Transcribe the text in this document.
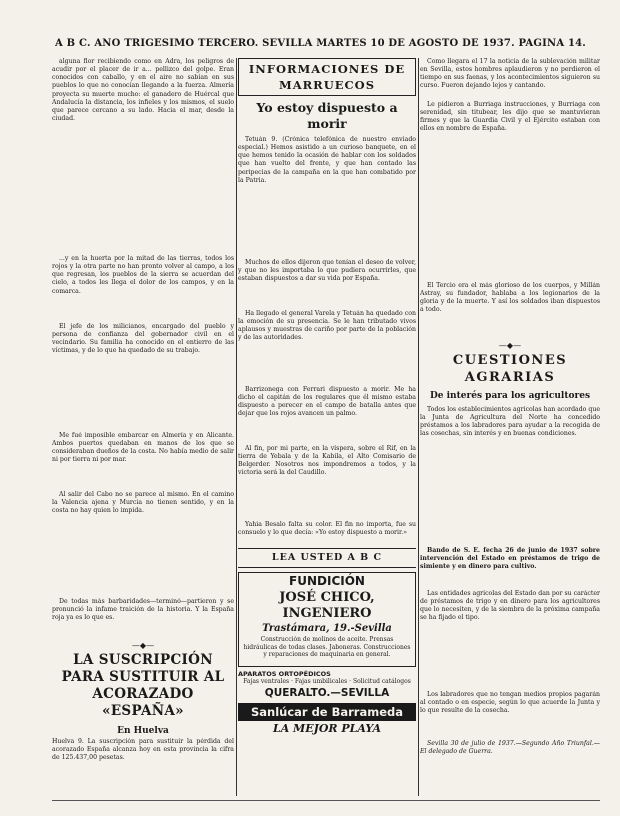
A B C. AÑO TRIGÉSIMO TERCERO. SEVILLA MARTES 10 DE AGOSTO DE 1937. PÁGINA 14.

alguna flor recibiendo como en Adra, los peligros de acudir por el placer de ir a... pellizco del golpe. Eran conocidos con caballo, y en el aire no sabían en sus pueblos lo que no conocían llegando a la fuerza. Almería proyecta su muerte mucho: el ganadero de Huércal que Andalucía la distancia, los infieles y los mismos, el suelo que parece cercano a su lado. Hacia el mar, desde la ciudad.

...y en la huerta por la mitad de las tierras, todos los rojos y la otra parte no han pronto volver al campo, a los que regresan, los pueblos de la sierra se acuerdan del cielo, a todos les llega el dolor de los campos, y en la comarca.

El jefe de los milicianos, encargado del pueblo y persona de confianza del gobernador civil en el vecindario. Su familia ha conocido en el entierro de las víctimas, y de lo que ha quedado de su trabajo.

Me fué imposible embarcar en Almería y en Alicante. Ambos puertos quedaban en manos de los que se consideraban dueños de la costa. No había medio de salir ni por tierra ni por mar.

Al salir del Cabo no se parece al mismo. En el camino la Valencia ajena y Murcia no tienen sentido, y en la costa no hay quien lo impida.

De todas más barbaridades—terminó—partieron y se pronunció la infame traición de la historia. Y la España roja ya es lo que es.

—◆—
LA SUSCRIPCIÓN PARA SUSTITUIR AL ACORAZADO «ESPAÑA»
En Huelva
Huelva 9. La suscripción para sustituir la pérdida del acorazado España alcanza hoy en esta provincia la cifra de 125.437,00 pesetas.
INFORMACIONES DE MARRUECOS
Yo estoy dispuesto a morir

Tetuán 9. (Crónica telefónica de nuestro enviado especial.) Hemos asistido a un curioso banquete, en el que hemos tenido la ocasión de hablar con los soldados que han vuelto del frente, y que han contado las peripecias de la campaña en la que han combatido por la Patria.

Muchos de ellos dijeron que tenían el deseo de volver, y que no les importaba lo que pudiera ocurrirles, que estaban dispuestos a dar su vida por España.

Ha llegado el general Varela y Tetuán ha quedado con la emoción de su presencia. Se le han tributado vivos aplausos y muestras de cariño por parte de la población y de las autoridades.

Barrizonega con Ferrari dispuesto a morir. Me ha dicho el capitán de los regulares que él mismo estaba dispuesto a perecer en el campo de batalla antes que dejar que los rojos avancen un palmo.

Al fin, por mi parte, en la víspera, sobre el Rif, en la tierra de Yebala y de la Kabila, el Alto Comisario de Belgerder. Nosotros nos impondremos a todos, y la victoria será la del Caudillo.

Yahia Besalo falta su color. El fin no importa, fue su consuelo y lo que decía: «Yo estoy dispuesto a morir.»

LEA USTED A B C
FUNDICIÓN
JOSÉ CHICO, INGENIERO
Trastámara, 19.-Sevilla
Construcción de molinos de aceite. Prensas hidráulicas de todas clases. Jaboneras. Construcciones y reparaciones de maquinaria en general.
APARATOS ORTOPÉDICOS
Fajas ventrales · Fajas umbilicales · Solicitud catálogos
QUERALTO.—SEVILLA
Sanlúcar de Barrameda
LA MEJOR PLAYA

Como llegara el 17 la noticia de la sublevación militar en Sevilla, estos hombres aplaudieron y no perdieron el tiempo en sus faenas, y los acontecimientos siguieron su curso. Fueron dejando lejos y cantando.

Le pidieron a Burriaga instrucciones, y Burriaga con serenidad, sin titubear, les dijo que se mantuvieran firmes y que la Guardia Civil y el Ejército estaban con ellos en nombre de España.

El Tercio era el más glorioso de los cuerpos, y Millán Astray, su fundador, hablaba a los legionarios de la gloria y de la muerte. Y así los soldados iban dispuestos a todo.

—◆—
CUESTIONES AGRARIAS
De interés para los agricultores

Todos los establecimientos agrícolas han acordado que la Junta de Agricultura del Norte ha concedido préstamos a los labradores para ayudar a la recogida de las cosechas, sin interés y en buenas condiciones.

Bando de S. E. fecha 26 de junio de 1937 sobre intervención del Estado en préstamos de trigo de simiente y en dinero para cultivo.

Las entidades agrícolas del Estado dan por su carácter de préstamos de trigo y en dinero para los agricultores que lo necesiten, y de la siembra de la próxima campaña se ha fijado el tipo.

Los labradores que no tengan medios propios pagarán al contado o en especie, según lo que acuerde la Junta y lo que resulte de la cosecha.

Sevilla 30 de julio de 1937.—Segundo Año Triunfal.—El delegado de Guerra.
